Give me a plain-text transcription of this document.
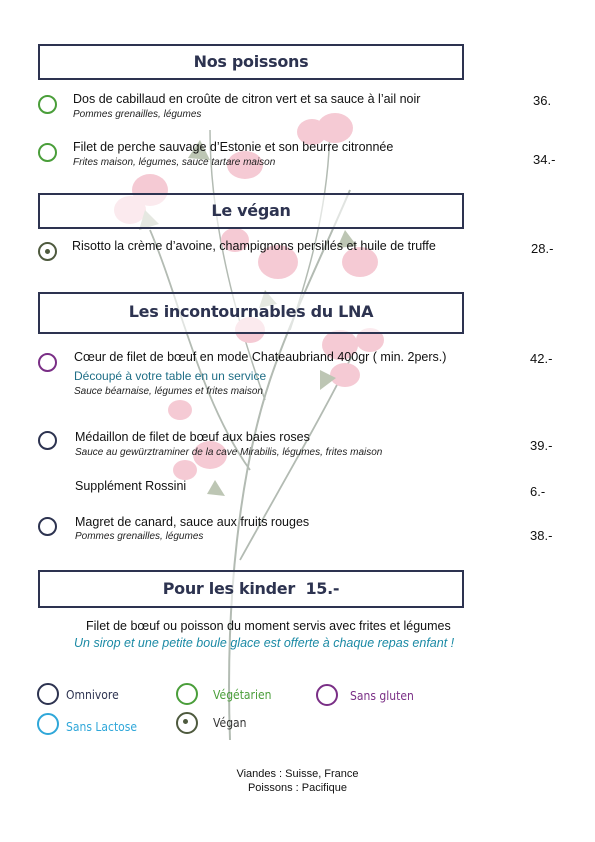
Nos poissons
Dos de cabillaud en croûte de citron vert et sa sauce à l’ail noir
Pommes grenailles, légumes
36.
Filet de perche sauvage d’Estonie et son beurre citronnée
Frites maison, légumes, sauce tartare maison	34.-
Le végan
Risotto la crème d’avoine, champignons persillés et huile de truffe	28.-
Les incontournables du LNA
Cœur de filet de bœuf en mode Chateaubriand 400gr ( min. 2pers.)
Découpé à votre table en un service
Sauce béarnaise, légumes et frites maison
42.-
Médaillon de filet de bœuf aux baies roses
Sauce au gewürztraminer de la cave Mirabilis, légumes, frites maison	39.-
Supplément Rossini	6.-
Magret de canard, sauce aux fruits rouges
Pommes grenailles, légumes	38.-
Pour les kinder  15.-
Filet de bœuf ou poisson du moment servis avec frites et légumes
Un sirop et une petite boule glace est offerte à chaque repas enfant !
Omnivore	Végétarien	Sans gluten
Sans Lactose	Végan
Viandes : Suisse, France
Poissons : Pacifique
